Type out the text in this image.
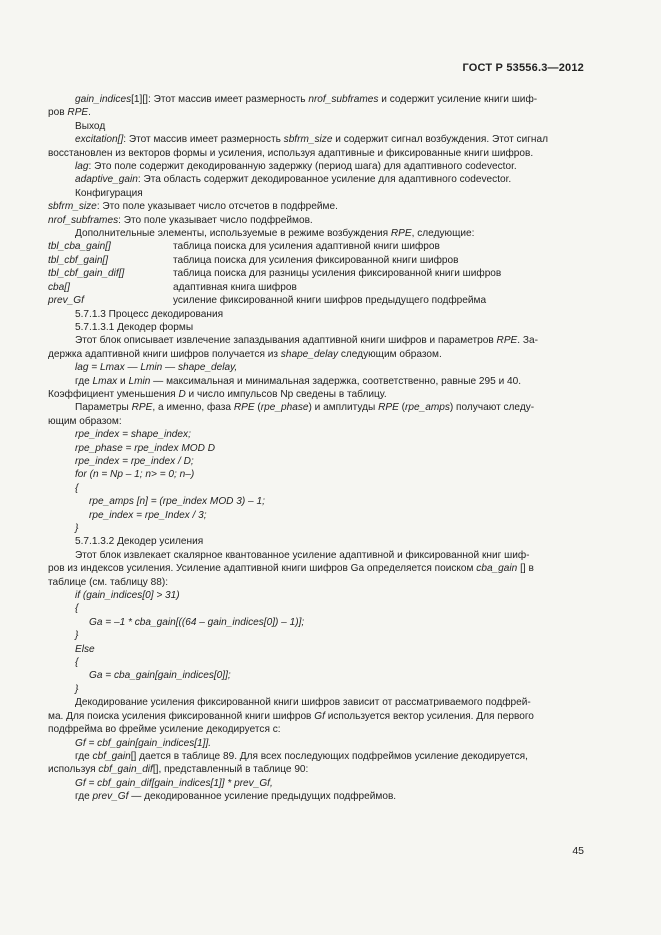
ГОСТ Р 53556.3—2012

gain_indices[1][]: Этот массив имеет размерность nrof_subframes и содержит усиление книги шиф-

ров RPE.

Выход

excitation[]: Этот массив имеет размерность sbfrm_size и содержит сигнал возбуждения. Этот сигнал

восстановлен из векторов формы и усиления, используя адаптивные и фиксированные книги шифров.

lag: Это поле содержит декодированную задержку (период шага) для адаптивного codevector.

adaptive_gain: Эта область содержит декодированное усиление для адаптивного codevector.

Конфигурация

sbfrm_size: Это поле указывает число отсчетов в подфрейме.

nrof_subframes: Это поле указывает число подфреймов.

Дополнительные элементы, используемые в режиме возбуждения RPE, следующие:

tbl_cba_gain[]	таблица поиска для усиления адаптивной книги шифров
tbl_cbf_gain[]	таблица поиска для усиления фиксированной книги шифров
tbl_cbf_gain_dif[]	таблица поиска для разницы усиления фиксированной книги шифров
cba[]	адаптивная книга шифров
prev_Gf	усиление фиксированной книги шифров предыдущего подфрейма

5.7.1.3 Процесс декодирования

5.7.1.3.1 Декодер формы

Этот блок описывает извлечение запаздывания адаптивной книги шифров и параметров RPE. За-

держка адаптивной книги шифров получается из shape_delay следующим образом.

lag = Lmax — Lmin — shape_delay,

где Lmax и Lmin — максимальная и минимальная задержка, соответственно, равные 295 и 40.

Коэффициент уменьшения D и число импульсов Np сведены в таблицу.

Параметры RPE, а именно, фаза RPE (rpe_phase) и амплитуды RPE (rpe_amps) получают следу-

ющим образом:

rpe_index = shape_index;

rpe_phase = rpe_index MOD D

rpe_index = rpe_index / D;

for (n = Np – 1; n> = 0; n–)

{

rpe_amps [n] = (rpe_index MOD 3) – 1;

rpe_index = rpe_Index / 3;

}

5.7.1.3.2 Декодер усиления

Этот блок извлекает скалярное квантованное усиление адаптивной и фиксированной книг шиф-

ров из индексов усиления. Усиление адаптивной книги шифров Ga определяется поиском cba_gain [] в

таблице (см. таблицу 88):

if (gain_indices[0] > 31)

{

Ga = –1 * cba_gain[((64 – gain_indices[0]) – 1)];

}

Else

{

Ga = cba_gain[gain_indices[0]];

}

Декодирование усиления фиксированной книги шифров зависит от рассматриваемого подфрей-

ма. Для поиска усиления фиксированной книги шифров Gf используется вектор усиления. Для первого

подфрейма во фрейме усиление декодируется с:

Gf = cbf_gain[gain_indices[1]].

где cbf_gain[] дается в таблице 89. Для всех последующих подфреймов усиление декодируется,

используя cbf_gain_dif[], представленный в таблице 90:

Gf = cbf_gain_dif[gain_indices[1]] * prev_Gf,

где prev_Gf — декодированное усиление предыдущих подфреймов.

45
